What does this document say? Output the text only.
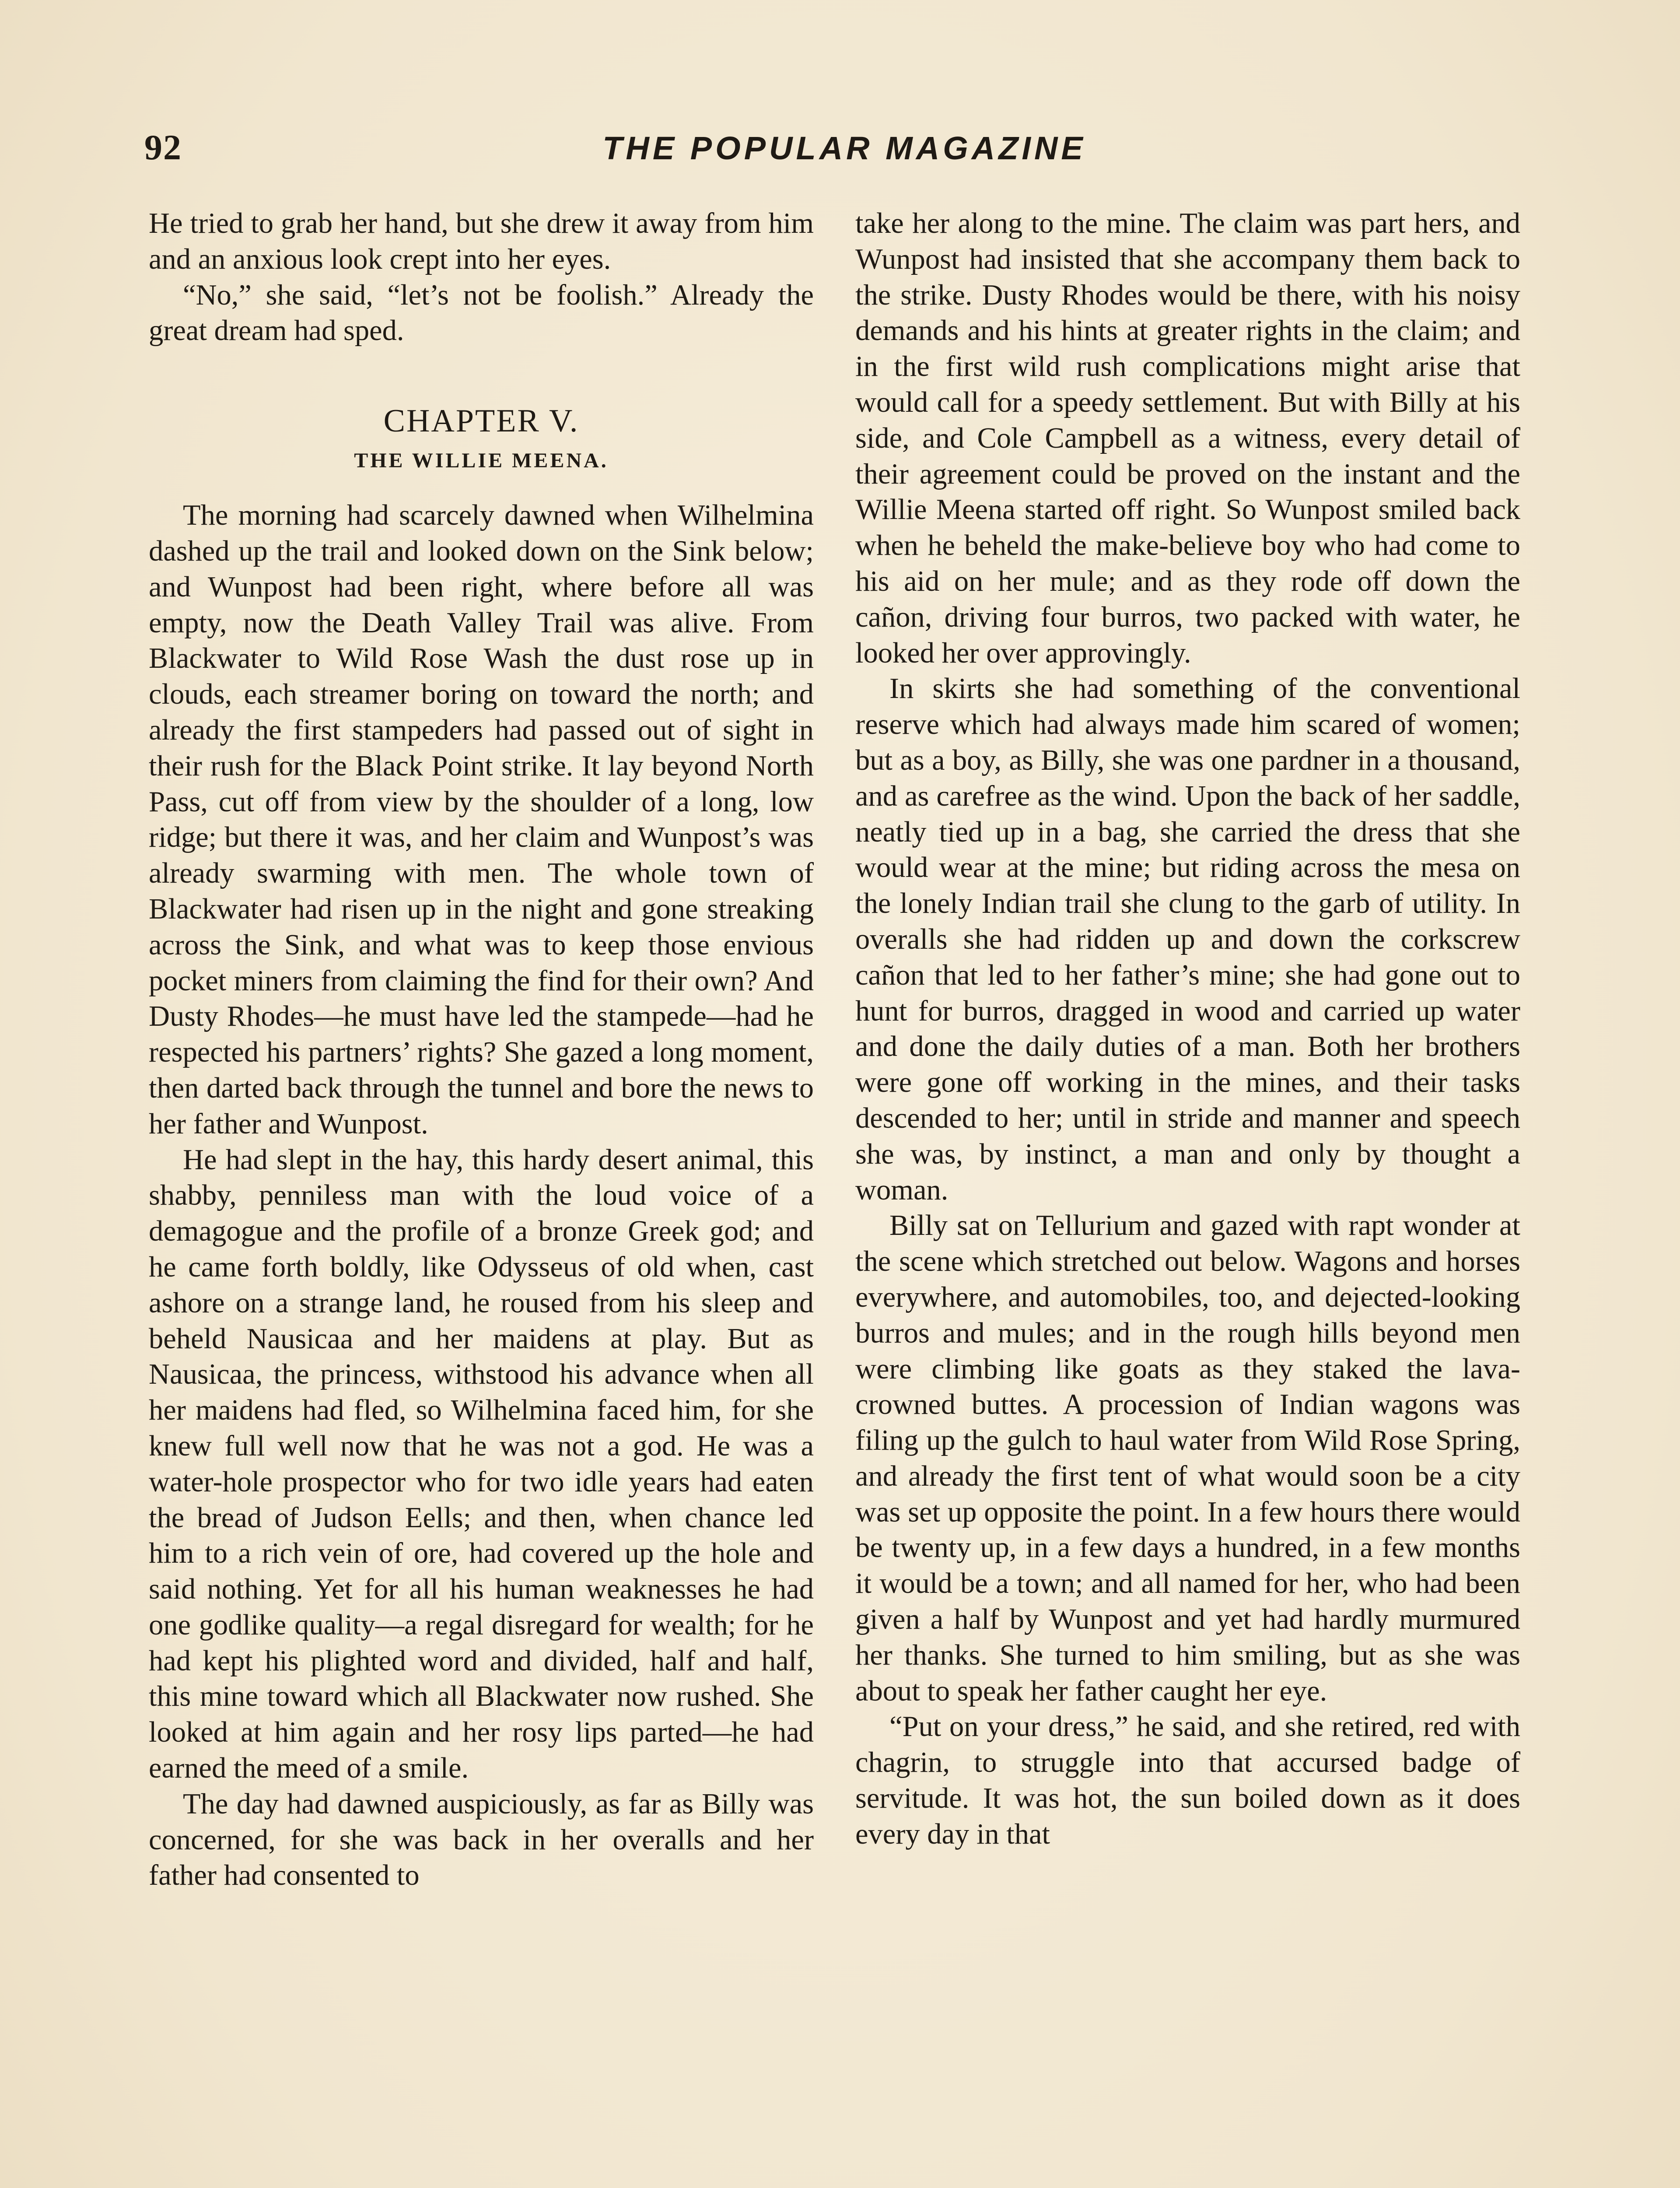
92	THE POPULAR MAGAZINE

He tried to grab her hand, but she drew it away from him and an anxious look crept into her eyes.

“No,” she said, “let’s not be foolish.” Already the great dream had sped.

CHAPTER V.
THE WILLIE MEENA.

The morning had scarcely dawned when Wilhelmina dashed up the trail and looked down on the Sink below; and Wunpost had been right, where before all was empty, now the Death Valley Trail was alive. From Blackwater to Wild Rose Wash the dust rose up in clouds, each streamer boring on toward the north; and already the first stampeders had passed out of sight in their rush for the Black Point strike. It lay beyond North Pass, cut off from view by the shoulder of a long, low ridge; but there it was, and her claim and Wunpost’s was already swarming with men. The whole town of Blackwater had risen up in the night and gone streaking across the Sink, and what was to keep those envious pocket miners from claiming the find for their own? And Dusty Rhodes—he must have led the stampede—had he respected his partners’ rights? She gazed a long moment, then darted back through the tunnel and bore the news to her father and Wunpost.

He had slept in the hay, this hardy desert animal, this shabby, penniless man with the loud voice of a demagogue and the profile of a bronze Greek god; and he came forth boldly, like Odysseus of old when, cast ashore on a strange land, he roused from his sleep and beheld Nausicaa and her maidens at play. But as Nausicaa, the princess, withstood his advance when all her maidens had fled, so Wilhelmina faced him, for she knew full well now that he was not a god. He was a water-hole prospector who for two idle years had eaten the bread of Judson Eells; and then, when chance led him to a rich vein of ore, had covered up the hole and said nothing. Yet for all his human weaknesses he had one godlike quality—a regal disregard for wealth; for he had kept his plighted word and divided, half and half, this mine toward which all Blackwater now rushed. She looked at him again and her rosy lips parted—he had earned the meed of a smile.

The day had dawned auspiciously, as far as Billy was concerned, for she was back in her overalls and her father had consented to

take her along to the mine. The claim was part hers, and Wunpost had insisted that she accompany them back to the strike. Dusty Rhodes would be there, with his noisy demands and his hints at greater rights in the claim; and in the first wild rush complications might arise that would call for a speedy settlement. But with Billy at his side, and Cole Campbell as a witness, every detail of their agreement could be proved on the instant and the Willie Meena started off right. So Wunpost smiled back when he beheld the make-believe boy who had come to his aid on her mule; and as they rode off down the cañon, driving four burros, two packed with water, he looked her over approvingly.

In skirts she had something of the conventional reserve which had always made him scared of women; but as a boy, as Billy, she was one pardner in a thousand, and as carefree as the wind. Upon the back of her saddle, neatly tied up in a bag, she carried the dress that she would wear at the mine; but riding across the mesa on the lonely Indian trail she clung to the garb of utility. In overalls she had ridden up and down the corkscrew cañon that led to her father’s mine; she had gone out to hunt for burros, dragged in wood and carried up water and done the daily duties of a man. Both her brothers were gone off working in the mines, and their tasks descended to her; until in stride and manner and speech she was, by instinct, a man and only by thought a woman.

Billy sat on Tellurium and gazed with rapt wonder at the scene which stretched out below. Wagons and horses everywhere, and automobiles, too, and dejected-looking burros and mules; and in the rough hills beyond men were climbing like goats as they staked the lava-crowned buttes. A procession of Indian wagons was filing up the gulch to haul water from Wild Rose Spring, and already the first tent of what would soon be a city was set up opposite the point. In a few hours there would be twenty up, in a few days a hundred, in a few months it would be a town; and all named for her, who had been given a half by Wunpost and yet had hardly murmured her thanks. She turned to him smiling, but as she was about to speak her father caught her eye.

“Put on your dress,” he said, and she retired, red with chagrin, to struggle into that accursed badge of servitude. It was hot, the sun boiled down as it does every day in that
